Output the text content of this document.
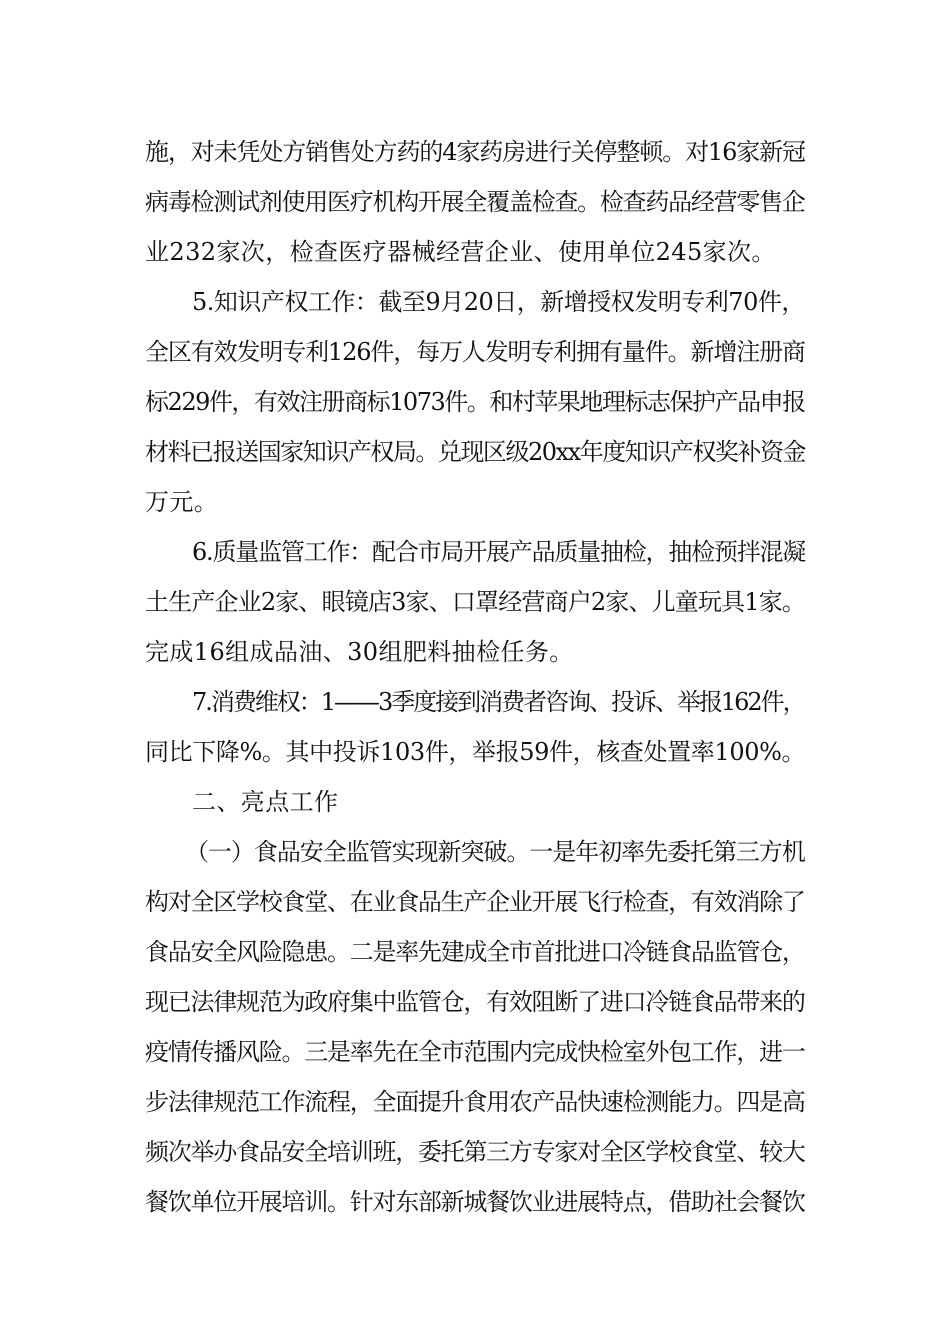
施，对未凭处方销售处方药的4家药房进行关停整顿。对16家新冠
病毒检测试剂使用医疗机构开展全覆盖检查。检查药品经营零售企
业232家次，检查医疗器械经营企业、使用单位245家次。
5.知识产权工作：截至9月20日，新增授权发明专利70件，
全区有效发明专利126件，每万人发明专利拥有量件。新增注册商
标229件，有效注册商标1073件。和村苹果地理标志保护产品申报
材料已报送国家知识产权局。兑现区级20xx年度知识产权奖补资金
万元。
6.质量监管工作：配合市局开展产品质量抽检，抽检预拌混凝
土生产企业2家、眼镜店3家、口罩经营商户2家、儿童玩具1家。
完成16组成品油、30组肥料抽检任务。
7.消费维权：1——3季度接到消费者咨询、投诉、举报162件，
同比下降%。其中投诉103件，举报59件，核查处置率100%。
二、亮点工作
（一）食品安全监管实现新突破。一是年初率先委托第三方机
构对全区学校食堂、在业食品生产企业开展飞行检查，有效消除了
食品安全风险隐患。二是率先建成全市首批进口冷链食品监管仓，
现已法律规范为政府集中监管仓，有效阻断了进口冷链食品带来的
疫情传播风险。三是率先在全市范围内完成快检室外包工作，进一
步法律规范工作流程，全面提升食用农产品快速检测能力。四是高
频次举办食品安全培训班，委托第三方专家对全区学校食堂、较大
餐饮单位开展培训。针对东部新城餐饮业进展特点，借助社会餐饮
